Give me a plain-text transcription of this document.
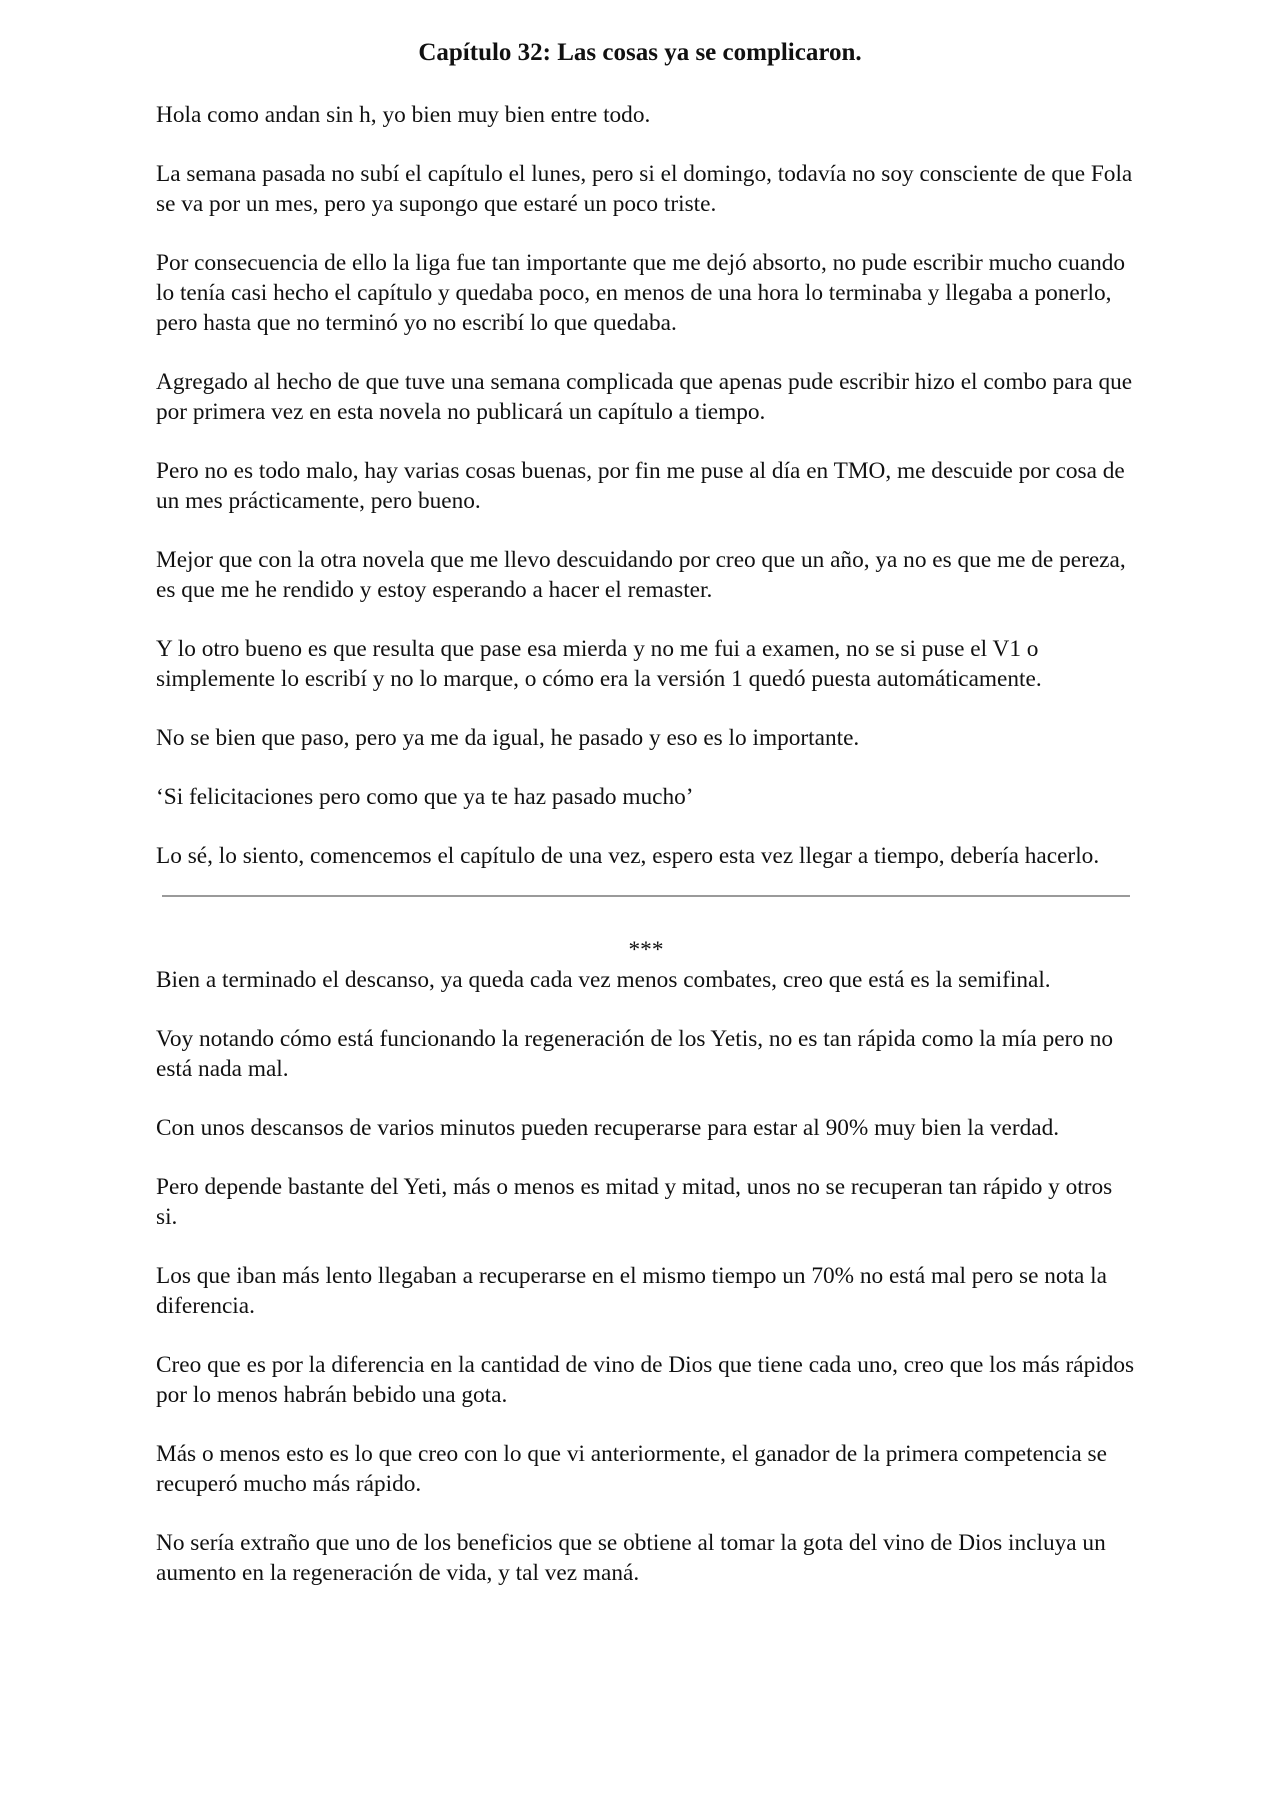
Capítulo 32: Las cosas ya se complicaron.

Hola como andan sin h, yo bien muy bien entre todo.

La semana pasada no subí el capítulo el lunes, pero si el domingo, todavía no soy consciente de que Fola se va por un mes, pero ya supongo que estaré un poco triste.

Por consecuencia de ello la liga fue tan importante que me dejó absorto, no pude escribir mucho cuando lo tenía casi hecho el capítulo y quedaba poco, en menos de una hora lo terminaba y llegaba a ponerlo, pero hasta que no terminó yo no escribí lo que quedaba.

Agregado al hecho de que tuve una semana complicada que apenas pude escribir hizo el combo para que por primera vez en esta novela no publicará un capítulo a tiempo.

Pero no es todo malo, hay varias cosas buenas, por fin me puse al día en TMO, me descuide por cosa de un mes prácticamente, pero bueno.

Mejor que con la otra novela que me llevo descuidando por creo que un año, ya no es que me de pereza, es que me he rendido y estoy esperando a hacer el remaster.

Y lo otro bueno es que resulta que pase esa mierda y no me fui a examen, no se si puse el V1 o simplemente lo escribí y no lo marque, o cómo era la versión 1 quedó puesta automáticamente.

No se bien que paso, pero ya me da igual, he pasado y eso es lo importante.

‘Si felicitaciones pero como que ya te haz pasado mucho’

Lo sé, lo siento, comencemos el capítulo de una vez, espero esta vez llegar a tiempo, debería hacerlo.

***

Bien a terminado el descanso, ya queda cada vez menos combates, creo que está es la semifinal.

Voy notando cómo está funcionando la regeneración de los Yetis, no es tan rápida como la mía pero no está nada mal.

Con unos descansos de varios minutos pueden recuperarse para estar al 90% muy bien la verdad.

Pero depende bastante del Yeti, más o menos es mitad y mitad, unos no se recuperan tan rápido y otros si.

Los que iban más lento llegaban a recuperarse en el mismo tiempo un 70% no está mal pero se nota la diferencia.

Creo que es por la diferencia en la cantidad de vino de Dios que tiene cada uno, creo que los más rápidos por lo menos habrán bebido una gota.

Más o menos esto es lo que creo con lo que vi anteriormente, el ganador de la primera competencia se recuperó mucho más rápido.

No sería extraño que uno de los beneficios que se obtiene al tomar la gota del vino de Dios incluya un aumento en la regeneración de vida, y tal vez maná.
